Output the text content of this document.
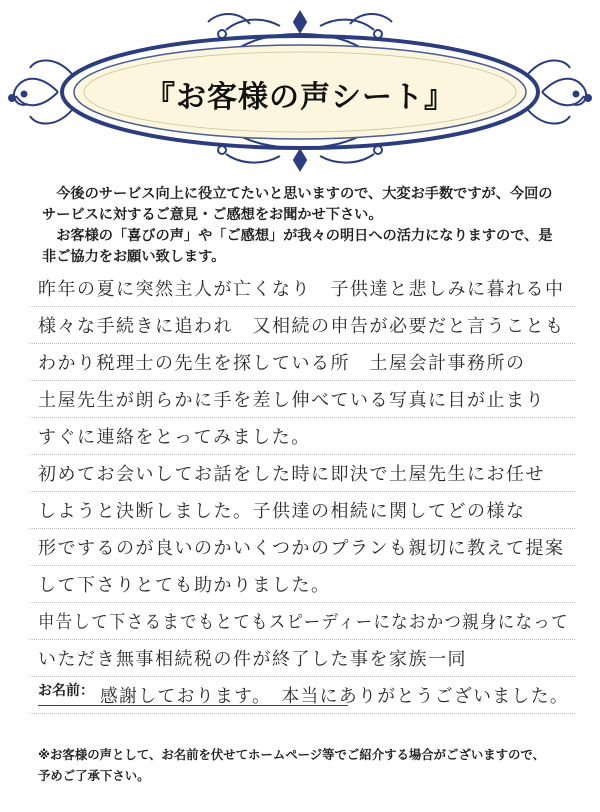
『お客様の声シート』

今後のサービス向上に役立てたいと思いますので、大変お手数ですが、今回のサービスに対するご意見・ご感想をお聞かせ下さい。

お客様の「喜びの声」や「ご感想」が我々の明日への活力になりますので、是非ご協力をお願い致します。

昨年の夏に突然主人が亡くなり　子供達と悲しみに暮れる中
様々な手続きに追われ　又相続の申告が必要だと言うことも
わかり税理士の先生を探している所　土屋会計事務所の
土屋先生が朗らかに手を差し伸べている写真に目が止まり
すぐに連絡をとってみました。
初めてお会いしてお話をした時に即決で土屋先生にお任せ
しようと決断しました。子供達の相続に関してどの様な
形でするのが良いのかいくつかのプランも親切に教えて提案
して下さりとても助かりました。
申告して下さるまでもとてもスピーディーになおかつ親身になって
いただき無事相続税の件が終了した事を家族一同
感謝しております。　本当にありがとうございました。
お名前：

※お客様の声として、お名前を伏せてホームページ等でご紹介する場合がございますので、

予めご了承下さい。
